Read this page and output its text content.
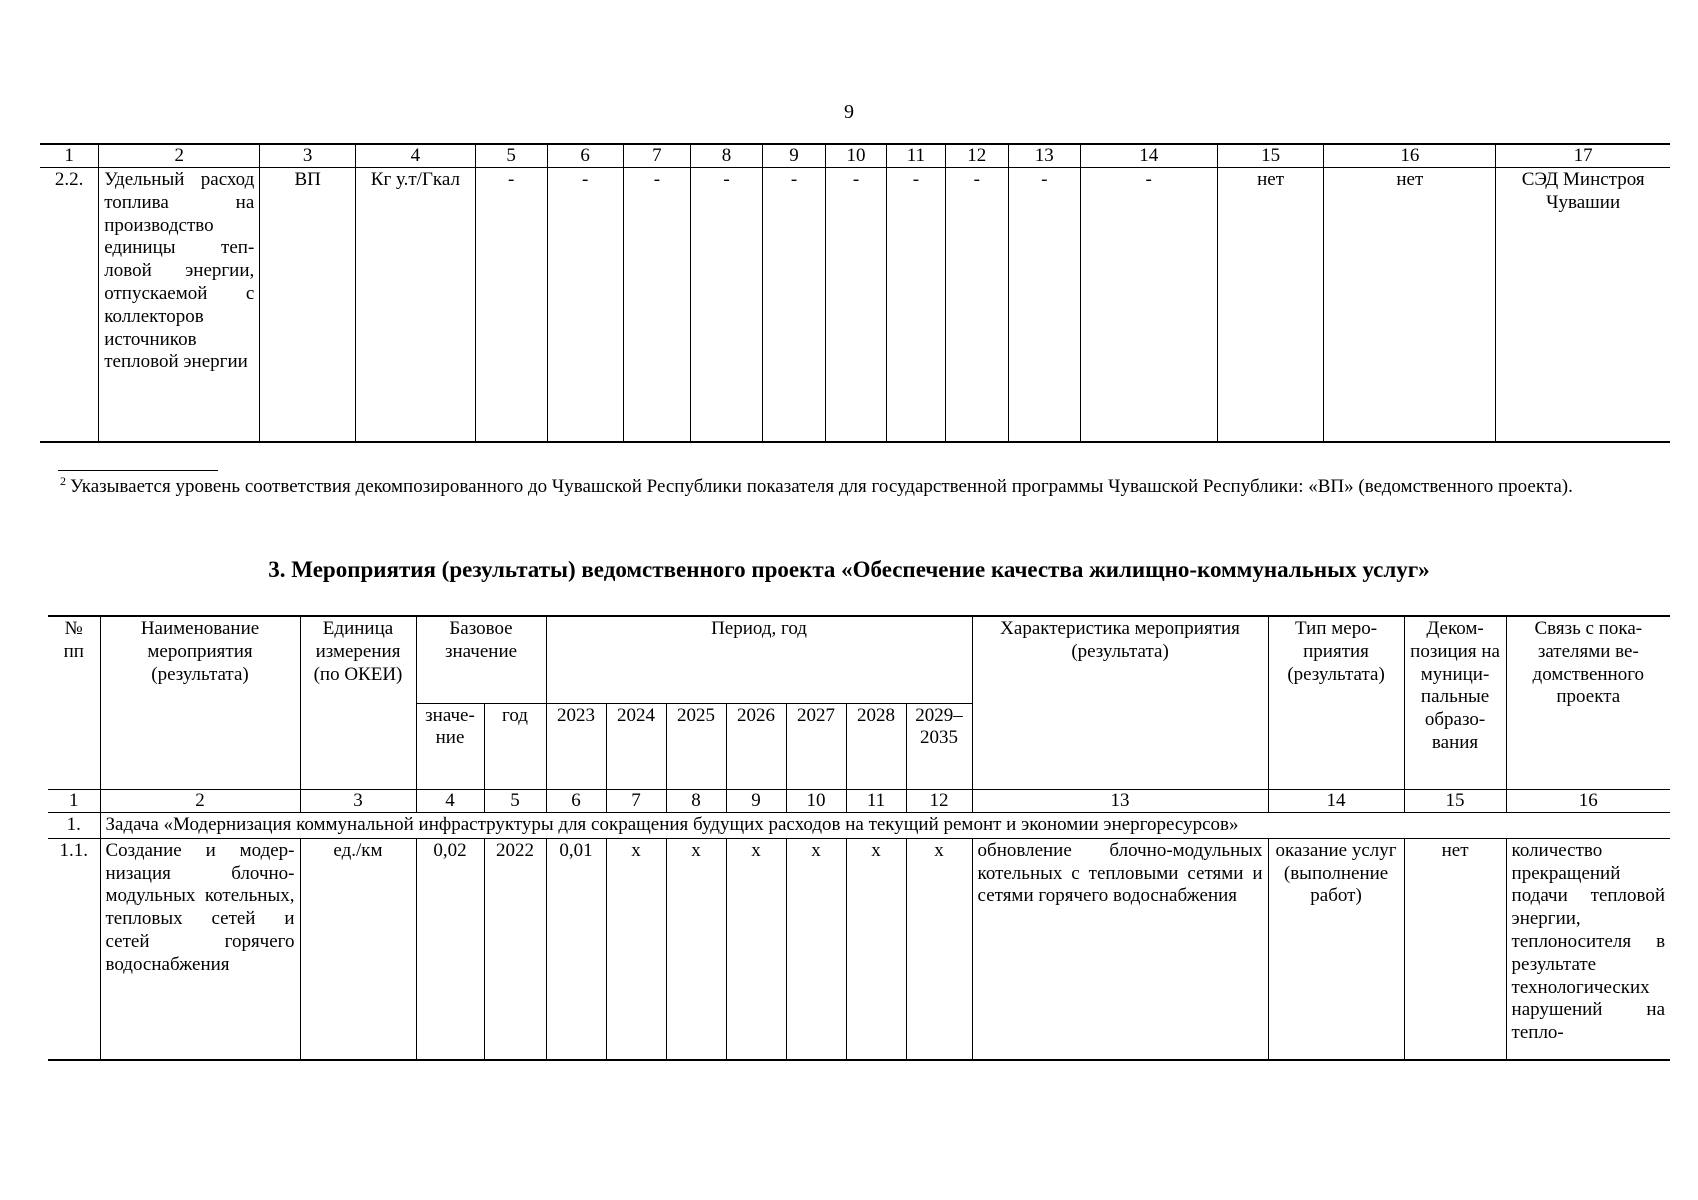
9
1	2	3	4	5	6	7	8	9	10	11	12	13	14	15	16	17
2.2.	Удельный расход топлива на производство единицы тепловой энергии, отпускаемой с коллекторов источников тепловой энергии	ВП	Кг у.т/Гкал	-	-	-	-	-	-	-	-	-	-	нет	нет	СЭД Минстроя Чувашии
$^2$ Указывается уровень соответствия декомпозированного до Чувашской Республики показателя для государственной программы Чувашской Республики: «ВП» (ведомственного проекта).
3. Мероприятия (результаты) ведомственного проекта «Обеспечение качества жилищно-коммунальных услуг»
№ пп	Наименование мероприятия (результата)	Единица измерения (по ОКЕИ)	Базовое значение		Период, год							Характеристика мероприятия (результата)	Тип мероприятия (результата)	Декомпозиция на муниципальные образования	Связь с показателями ведомственного проекта
			значение	год	2023	2024	2025	2026	2027	2028	2029–2035				
1	2	3	4	5	6	7	8	9	10	11	12	13	14	15	16
1.	Задача «Модернизация коммунальной инфраструктуры для сокращения будущих расходов на текущий ремонт и экономии энергоресурсов»														
1.1.	Создание и модернизация блочно-модульных котельных, тепловых сетей и сетей горячего водоснабжения	ед./км	0,02	2022	0,01	x	x	x	x	x	x	обновление блочно-модульных котельных с тепловыми сетями и сетями горячего водоснабжения	оказание услуг (выполнение работ)	нет	количество прекращений подачи тепловой энергии, теплоносителя в результате технологических нарушений на тепло-
